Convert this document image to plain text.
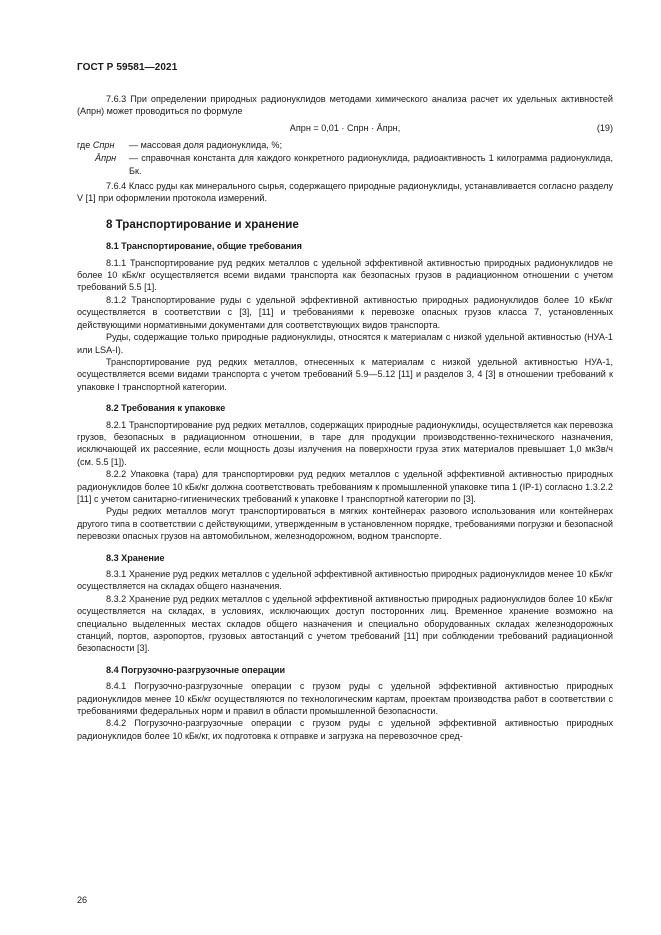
ГОСТ Р 59581—2021

7.6.3 При определении природных радионуклидов методами химического анализа расчет их удельных активностей (Aпрн) может проводиться по формуле

Aпрн = 0,01 · Cпрн · Āпрн,	(19)
где Cпрн	— массовая доля радионуклида, %;
Āпрн	— справочная константа для каждого конкретного радионуклида, радиоактивность 1 килограмма радионуклида, Бк.

7.6.4 Класс руды как минерального сырья, содержащего природные радионуклиды, устанавливается согласно разделу V [1] при оформлении протокола измерений.

8 Транспортирование и хранение
8.1 Транспортирование, общие требования

8.1.1 Транспортирование руд редких металлов с удельной эффективной активностью природных радионуклидов не более 10 кБк/кг осуществляется всеми видами транспорта как безопасных грузов в радиационном отношении с учетом требований 5.5 [1].

8.1.2 Транспортирование руды с удельной эффективной активностью природных радионуклидов более 10 кБк/кг осуществляется в соответствии с [3], [11] и требованиями к перевозке опасных грузов класса 7, установленных действующими нормативными документами для соответствующих видов транспорта.

Руды, содержащие только природные радионуклиды, относятся к материалам с низкой удельной активностью (НУА-1 или LSA-I).

Транспортирование руд редких металлов, отнесенных к материалам с низкой удельной активностью НУА-1, осуществляется всеми видами транспорта с учетом требований 5.9—5.12 [11] и разделов 3, 4 [3] в отношении требований к упаковке I транспортной категории.

8.2 Требования к упаковке

8.2.1 Транспортирование руд редких металлов, содержащих природные радионуклиды, осуществляется как перевозка грузов, безопасных в радиационном отношении, в таре для продукции производственно-технического назначения, исключающей их рассеяние, если мощность дозы излучения на поверхности груза этих материалов превышает 1,0 мкЗв/ч (см. 5.5 [1]).

8.2.2 Упаковка (тара) для транспортировки руд редких металлов с удельной эффективной активностью природных радионуклидов более 10 кБк/кг должна соответствовать требованиям к промышленной упаковке типа 1 (IP-1) согласно 1.3.2.2 [11] с учетом санитарно-гигиенических требований к упаковке I транспортной категории по [3].

Руды редких металлов могут транспортироваться в мягких контейнерах разового использования или контейнерах другого типа в соответствии с действующими, утвержденным в установленном порядке, требованиями погрузки и безопасной перевозки опасных грузов на автомобильном, железнодорожном, водном транспорте.

8.3 Хранение

8.3.1 Хранение руд редких металлов с удельной эффективной активностью природных радионуклидов менее 10 кБк/кг осуществляется на складах общего назначения.

8.3.2 Хранение руд редких металлов с удельной эффективной активностью природных радионуклидов более 10 кБк/кг осуществляется на складах, в условиях, исключающих доступ посторонних лиц. Временное хранение возможно на специально выделенных местах складов общего назначения и специально оборудованных складах железнодорожных станций, портов, аэропортов, грузовых автостанций с учетом требований [11] при соблюдении требований радиационной безопасности [3].

8.4 Погрузочно-разгрузочные операции

8.4.1 Погрузочно-разгрузочные операции с грузом руды с удельной эффективной активностью природных радионуклидов менее 10 кБк/кг осуществляются по технологическим картам, проектам производства работ в соответствии с требованиями федеральных норм и правил в области промышленной безопасности.

8.4.2 Погрузочно-разгрузочные операции с грузом руды с удельной эффективной активностью природных радионуклидов более 10 кБк/кг, их подготовка к отправке и загрузка на перевозочное сред-

26
